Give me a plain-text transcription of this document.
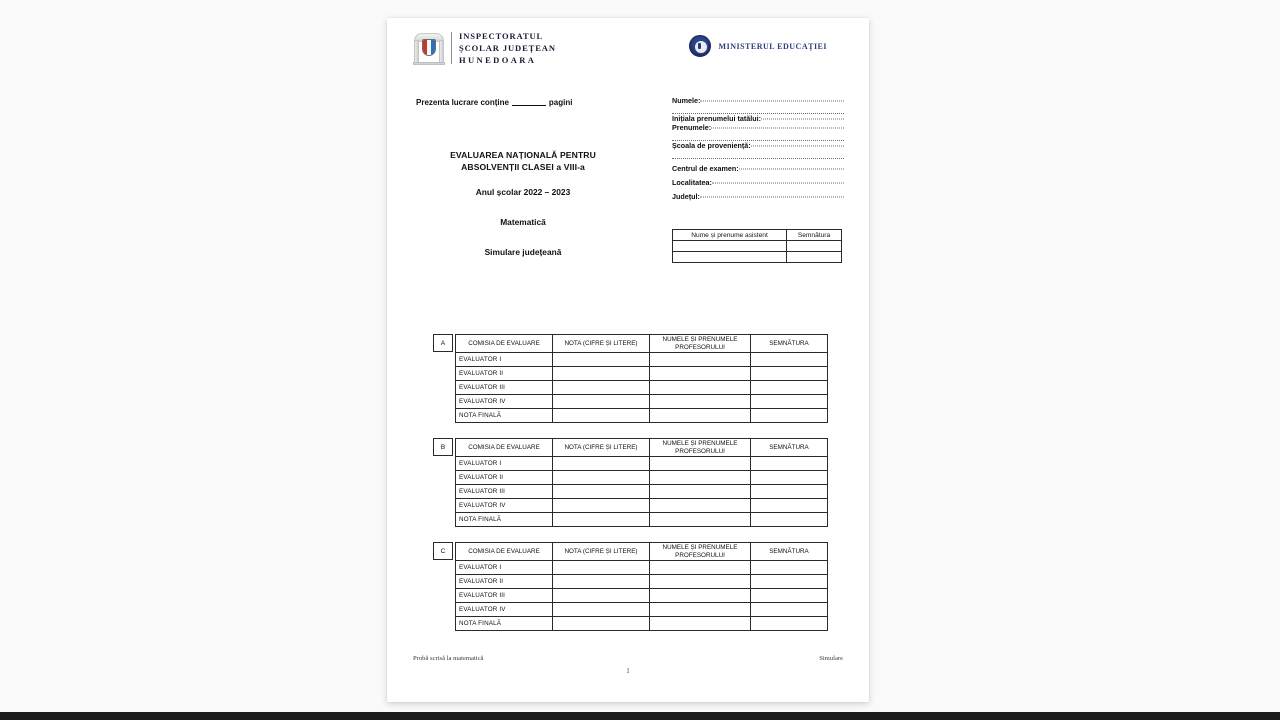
INSPECTORATUL
ȘCOLAR JUDEȚEAN
HUNEDOARA
MINISTERUL EDUCAȚIEI
Prezenta lucrare conține	pagini
EVALUAREA NAȚIONALĂ PENTRU
ABSOLVENȚII CLASEI a VIII-a
Anul școlar 2022 – 2023
Matematică
Simulare județeană
Numele:
Inițiala prenumelui tatălui:
Prenumele:
Școala de proveniență:
Centrul de examen:
Localitatea:
Județul:
Nume și prenume asistent	Semnătura

A	COMISIA DE EVALUARE	NOTA (CIFRE ȘI LITERE)	NUMELE ȘI PRENUMELE PROFESORULUI	SEMNĂTURA
EVALUATOR I			
EVALUATOR II			
EVALUATOR III			
EVALUATOR IV			
NOTA FINALĂ			
B	COMISIA DE EVALUARE	NOTA (CIFRE ȘI LITERE)	NUMELE ȘI PRENUMELE PROFESORULUI	SEMNĂTURA
EVALUATOR I			
EVALUATOR II			
EVALUATOR III			
EVALUATOR IV			
NOTA FINALĂ			
C	COMISIA DE EVALUARE	NOTA (CIFRE ȘI LITERE)	NUMELE ȘI PRENUMELE PROFESORULUI	SEMNĂTURA
EVALUATOR I			
EVALUATOR II			
EVALUATOR III			
EVALUATOR IV			
NOTA FINALĂ			
Probă scrisă la matematică	Simulare
1
